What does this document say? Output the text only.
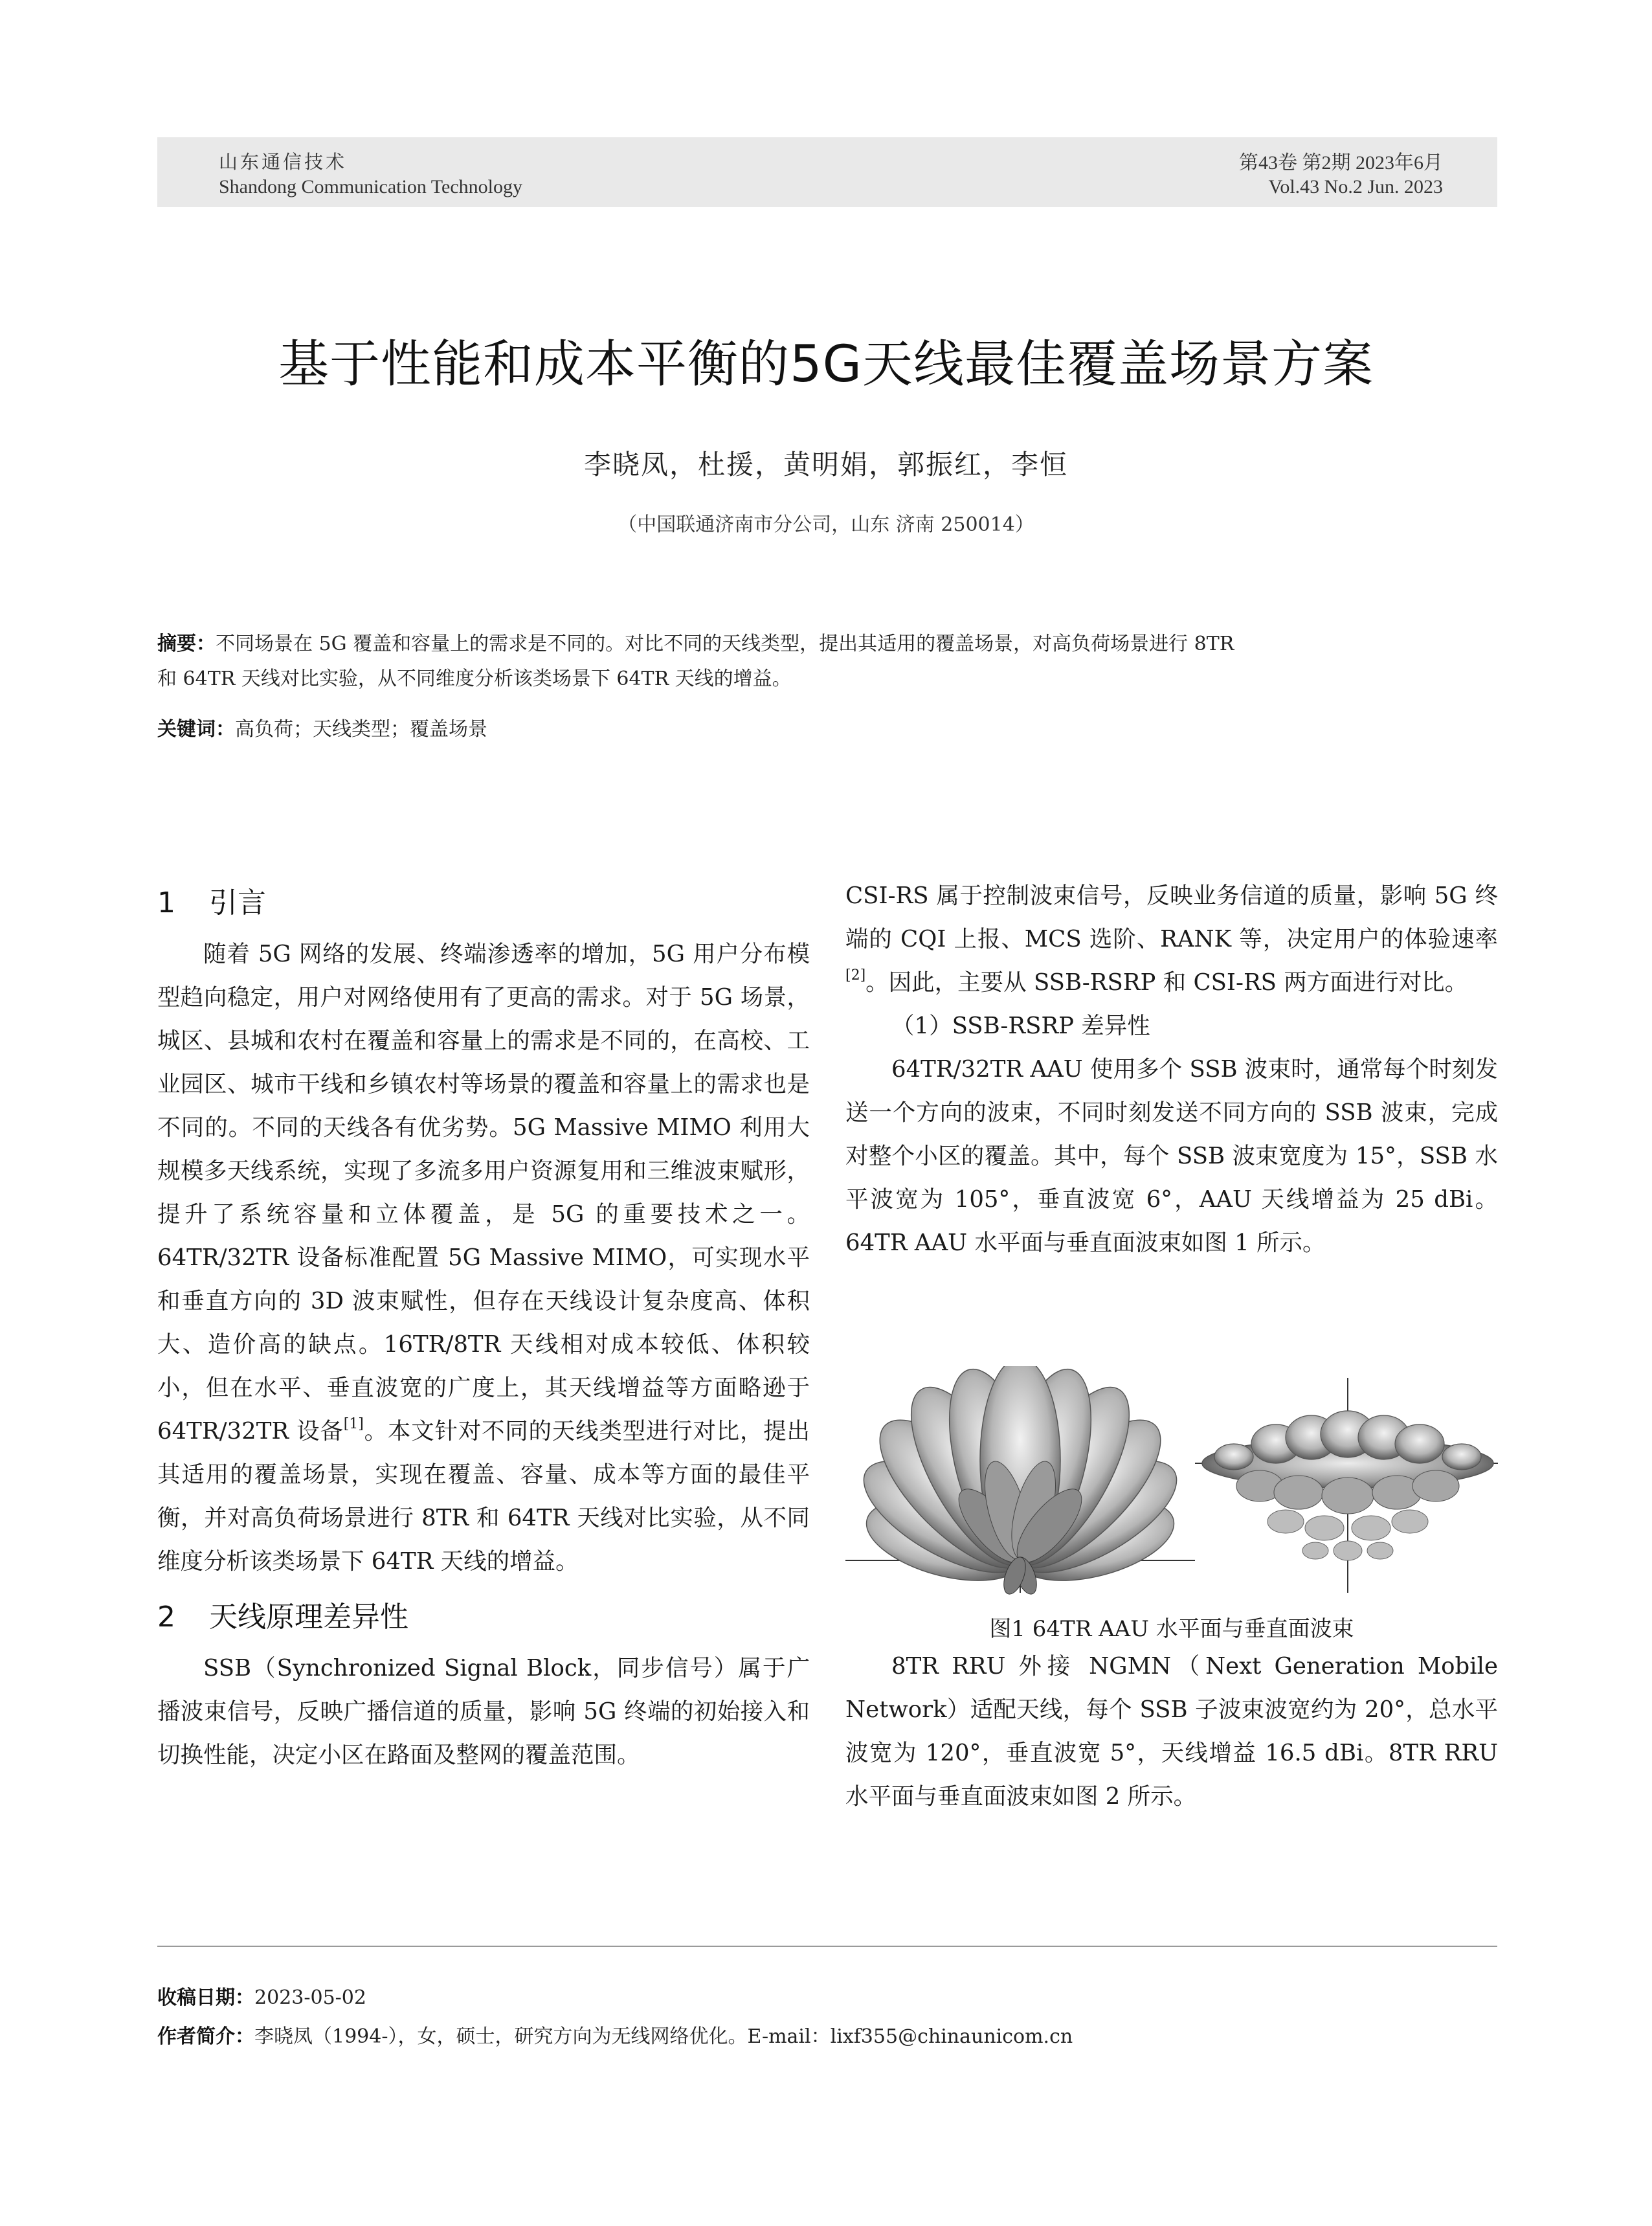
山东通信技术
Shandong Communication Technology
第43卷 第2期 2023年6月
Vol.43 No.2 Jun. 2023
基于性能和成本平衡的5G天线最佳覆盖场景方案
李晓凤，杜援，黄明娟，郭振红，李恒
（中国联通济南市分公司，山东 济南 250014）
摘要：不同场景在 5G 覆盖和容量上的需求是不同的。对比不同的天线类型，提出其适用的覆盖场景，对高负荷场景进行 8TR
和 64TR 天线对比实验，从不同维度分析该类场景下 64TR 天线的增益。
关键词：高负荷；天线类型；覆盖场景
1 引言

随着 5G 网络的发展、终端渗透率的增加，5G 用户分布模型趋向稳定，用户对网络使用有了更高的需求。对于 5G 场景，城区、县城和农村在覆盖和容量上的需求是不同的，在高校、工业园区、城市干线和乡镇农村等场景的覆盖和容量上的需求也是不同的。不同的天线各有优劣势。5G Massive MIMO 利用大规模多天线系统，实现了多流多用户资源复用和三维波束赋形，提升了系统容量和立体覆盖，是 5G 的重要技术之一。64TR/32TR 设备标准配置 5G Massive MIMO，可实现水平和垂直方向的 3D 波束赋性，但存在天线设计复杂度高、体积大、造价高的缺点。16TR/8TR 天线相对成本较低、体积较小，但在水平、垂直波宽的广度上，其天线增益等方面略逊于 64TR/32TR 设备[1]。本文针对不同的天线类型进行对比，提出其适用的覆盖场景，实现在覆盖、容量、成本等方面的最佳平衡，并对高负荷场景进行 8TR 和 64TR 天线对比实验，从不同维度分析该类场景下 64TR 天线的增益。

2 天线原理差异性

SSB（Synchronized Signal Block，同步信号）属于广播波束信号，反映广播信道的质量，影响 5G 终端的初始接入和切换性能，决定小区在路面及整网的覆盖范围。

CSI-RS 属于控制波束信号，反映业务信道的质量，影响 5G 终端的 CQI 上报、MCS 选阶、RANK 等，决定用户的体验速率[2]。因此，主要从 SSB-RSRP 和 CSI-RS 两方面进行对比。

（1）SSB-RSRP 差异性

64TR/32TR AAU 使用多个 SSB 波束时，通常每个时刻发送一个方向的波束，不同时刻发送不同方向的 SSB 波束，完成对整个小区的覆盖。其中，每个 SSB 波束宽度为 15°，SSB 水平波宽为 105°，垂直波宽 6°，AAU 天线增益为 25 dBi。64TR AAU 水平面与垂直面波束如图 1 所示。

图1 64TR AAU 水平面与垂直面波束

8TR RRU 外接 NGMN（Next Generation Mobile Network）适配天线，每个 SSB 子波束波宽约为 20°，总水平波宽为 120°，垂直波宽 5°，天线增益 16.5 dBi。8TR RRU 水平面与垂直面波束如图 2 所示。

收稿日期：2023-05-02
作者简介：李晓凤（1994-），女，硕士，研究方向为无线网络优化。E-mail：lixf355@chinaunicom.cn
